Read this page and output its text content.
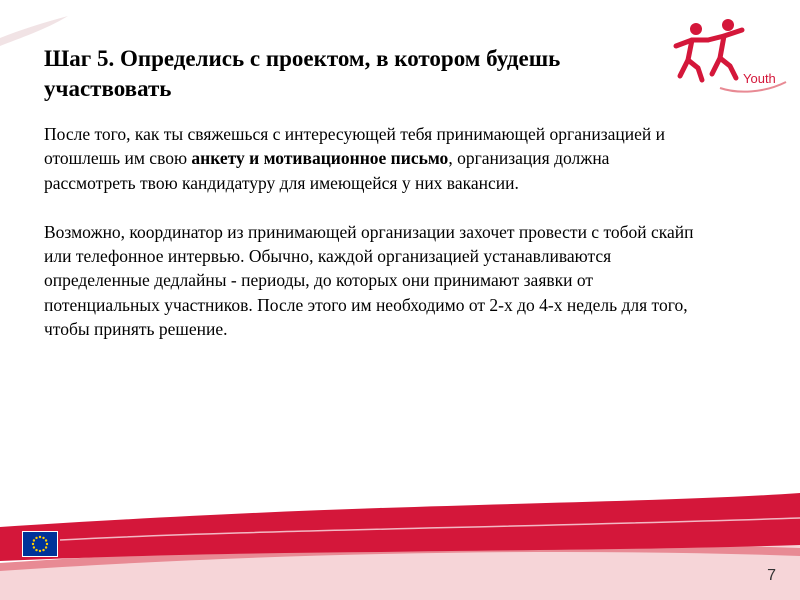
Шаг 5. Определись с проектом, в котором будешь участвовать

После того, как ты свяжешься с интересующей тебя принимающей организацией и отошлешь им свою анкету и мотивационное письмо, организация должна рассмотреть твою кандидатуру для имеющейся у них вакансии.

Возможно, координатор из принимающей организации захочет провести с тобой скайп или телефонное интервью. Обычно, каждой организацией устанавливаются определенные дедлайны - периоды, до которых они принимают заявки от потенциальных участников. После этого им необходимо от 2-х до 4-х недель для того, чтобы принять решение.

Youth
7
